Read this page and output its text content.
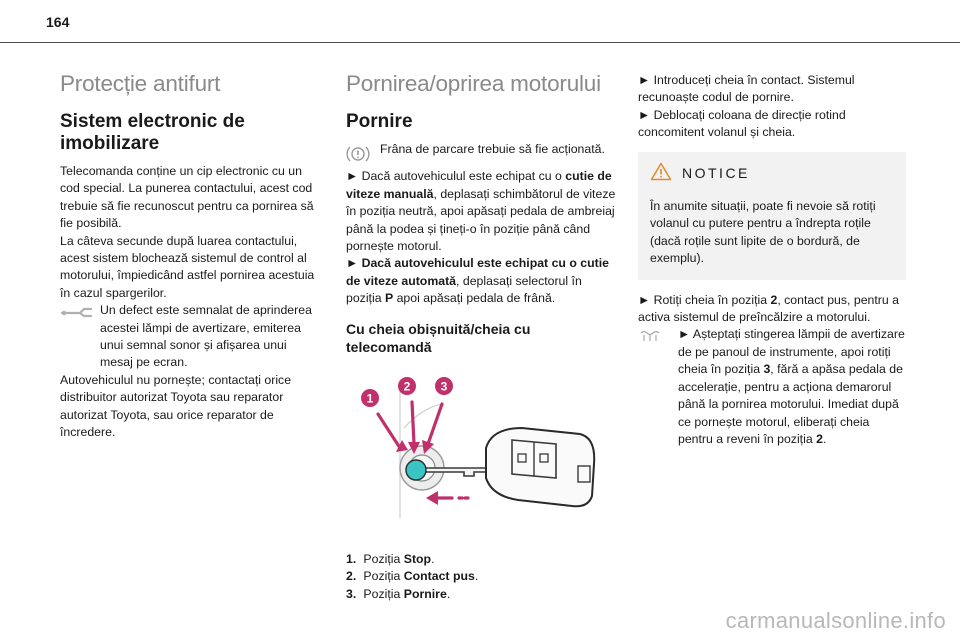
164
Protecție antifurt
Sistem electronic de imobilizare

Telecomanda conține un cip electronic cu un cod special. La punerea contactului, acest cod trebuie să fie recunoscut pentru ca pornirea să fie posibilă.

La câteva secunde după luarea contactului, acest sistem blochează sistemul de control al motorului, împiedicând astfel pornirea acestuia în cazul spargerilor.

Un defect este semnalat de aprinderea acestei lămpi de avertizare, emiterea unui semnal sonor și afișarea unui mesaj pe ecran.

Autovehiculul nu pornește; contactați orice distribuitor autorizat Toyota sau reparator autorizat Toyota, sau orice reparator de încredere.

Pornirea/oprirea motorului
Pornire
Frâna de parcare trebuie să fie acționată.

► Dacă autovehiculul este echipat cu o cutie de viteze manuală, deplasați schimbătorul de viteze în poziția neutră, apoi apăsați pedala de ambreiaj până la podea și țineți-o în poziție până când pornește motorul.

► Dacă autovehiculul este echipat cu o cutie de viteze automată, deplasați selectorul în poziția P apoi apăsați pedala de frână.

Cu cheia obișnuită/cheia cu telecomandă
1
2	3
1. Poziția Stop.
2. Poziția Contact pus.
3. Poziția Pornire.

► Introduceți cheia în contact. Sistemul recunoaște codul de pornire.

► Deblocați coloana de direcție rotind concomitent volanul și cheia.

NOTICE

În anumite situații, poate fi nevoie să rotiți volanul cu putere pentru a îndrepta roțile (dacă roțile sunt lipite de o bordură, de exemplu).

► Rotiți cheia în poziția 2, contact pus, pentru a activa sistemul de preîncălzire a motorului.

► Așteptați stingerea lămpii de avertizare de pe panoul de instrumente, apoi rotiți cheia în poziția 3, fără a apăsa pedala de accelerație, pentru a acționa demarorul până la pornirea motorului. Imediat după ce pornește motorul, eliberați cheia pentru a reveni în poziția 2.
carmanualsonline.info
